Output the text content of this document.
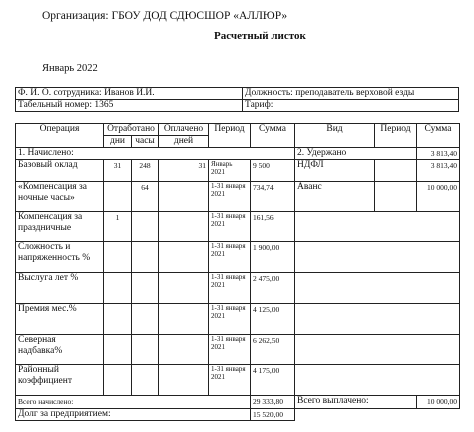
Организация: ГБОУ ДОД СДЮСШОР «АЛЛЮР»
Расчетный листок
Январь 2022
Ф. И. О. сотрудника: Иванов И.И.	Должность: преподаватель верховой езды
Табельный номер: 1365	Тариф:
Операция	Отработано		Оплачено	Период	Сумма	Вид	Период	Сумма
	дни	часы	дней					
1. Начислено:						2. Удержано		3 813,40
Базовый оклад	31	248	31	Январь 2021	9 500	НДФЛ		3 813,40
«Компенсация за ночные часы»		64		1-31 января 2021	734,74	Аванс		10 000,00
Компенсация за праздничные	1			1-31 января 2021	161,56			
Сложность и напряженность %				1-31 января 2021	1 900,00			
Выслуга лет %				1-31 января 2021	2 475,00			
Премия мес.%				1-31 января 2021	4 125,00			
Северная надбавка%				1-31 января 2021	6 262,50			
Районный коэффициент				1-31 января 2021	4 175,00			
Всего начислено:					29 333,80	Всего выплачено:		10 000,00
Долг за предприятием:					15 520,00			
